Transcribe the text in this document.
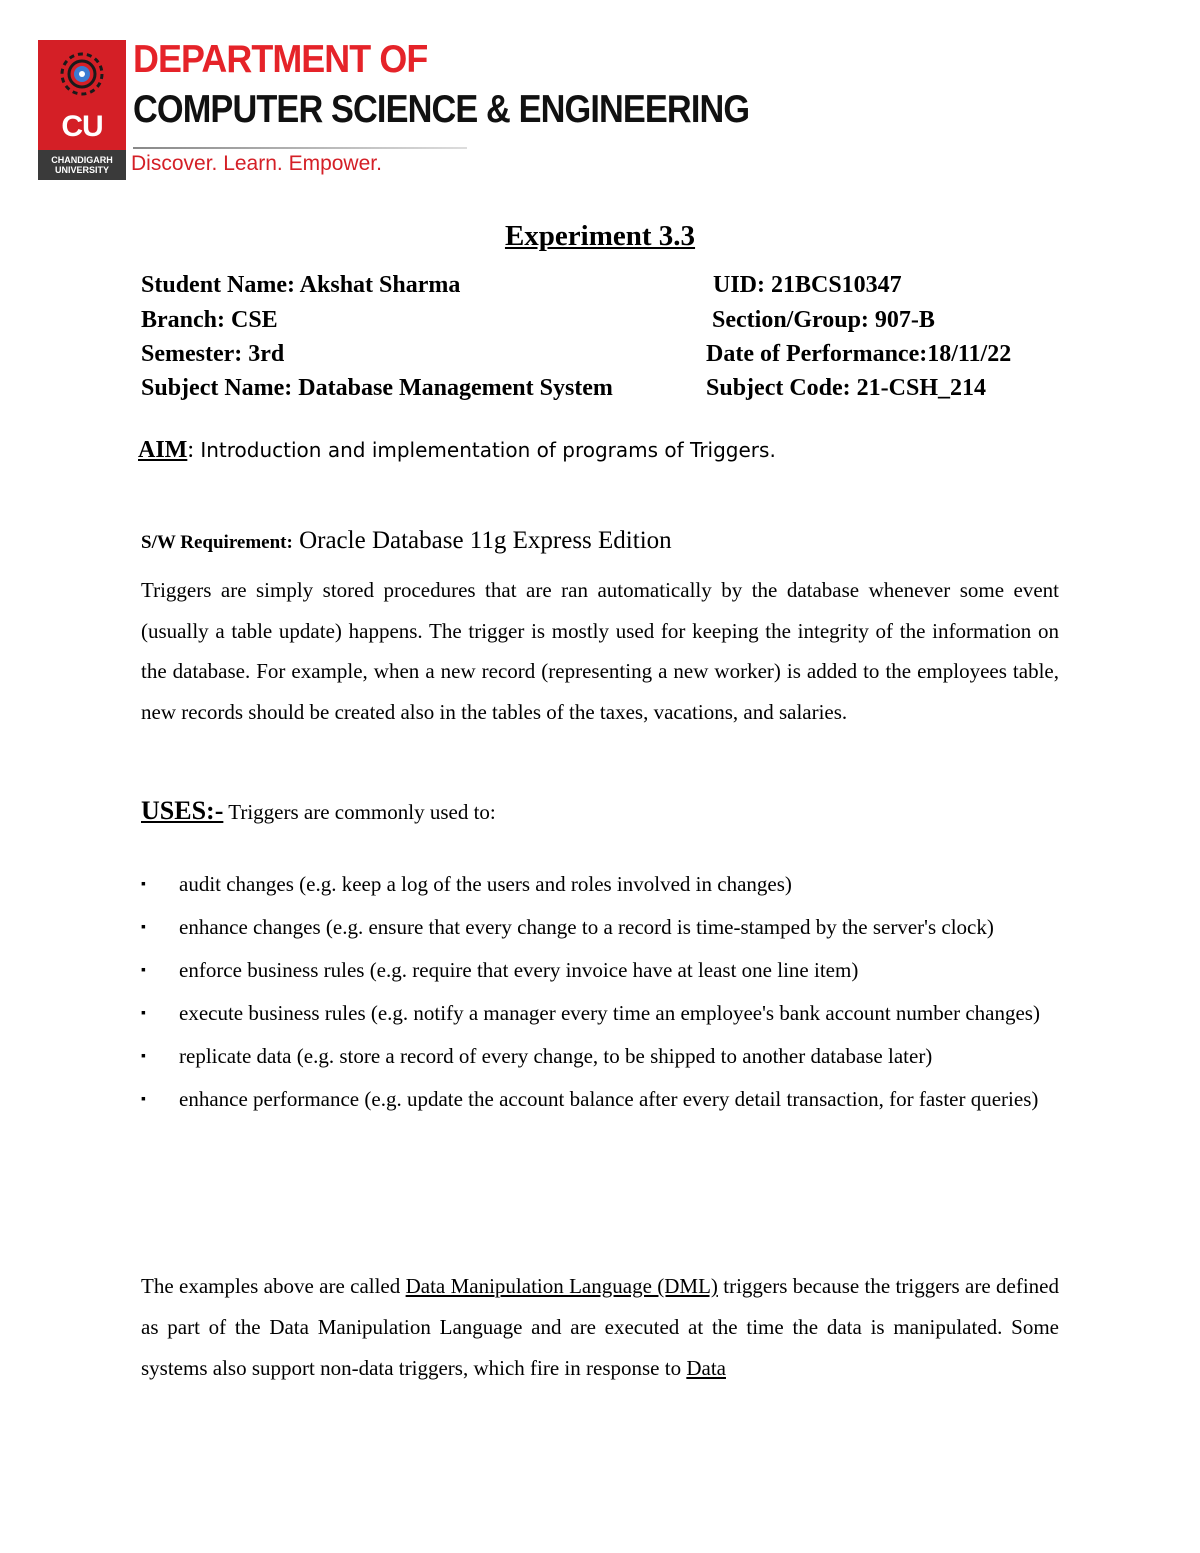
CU
CHANDIGARH UNIVERSITY
DEPARTMENT OF
COMPUTER SCIENCE & ENGINEERING
Discover. Learn. Empower.
Experiment 3.3
Student Name: Akshat Sharma	UID: 21BCS10347
Branch: CSE	Section/Group: 907-B
Semester: 3rd	Date of Performance:18/11/22
Subject Name: Database Management System	Subject Code: 21-CSH_214
AIM: Introduction and implementation of programs of Triggers.
S/W Requirement: Oracle Database 11g Express Edition
Triggers are simply stored procedures that are ran automatically by the database whenever some event (usually a table update) happens. The trigger is mostly used for keeping the integrity of the information on the database. For example, when a new record (representing a new worker) is added to the employees table, new records should be created also in the tables of the taxes, vacations, and salaries.
USES:- Triggers are commonly used to:
▪ audit changes (e.g. keep a log of the users and roles involved in changes)
▪ enhance changes (e.g. ensure that every change to a record is time-stamped by the server's clock)
▪ enforce business rules (e.g. require that every invoice have at least one line item)
▪ execute business rules (e.g. notify a manager every time an employee's bank account number changes)
▪ replicate data (e.g. store a record of every change, to be shipped to another database later)
▪ enhance performance (e.g. update the account balance after every detail transaction, for faster queries)
The examples above are called Data Manipulation Language (DML) triggers because the triggers are defined as part of the Data Manipulation Language and are executed at the time the data is manipulated. Some systems also support non-data triggers, which fire in response to Data
